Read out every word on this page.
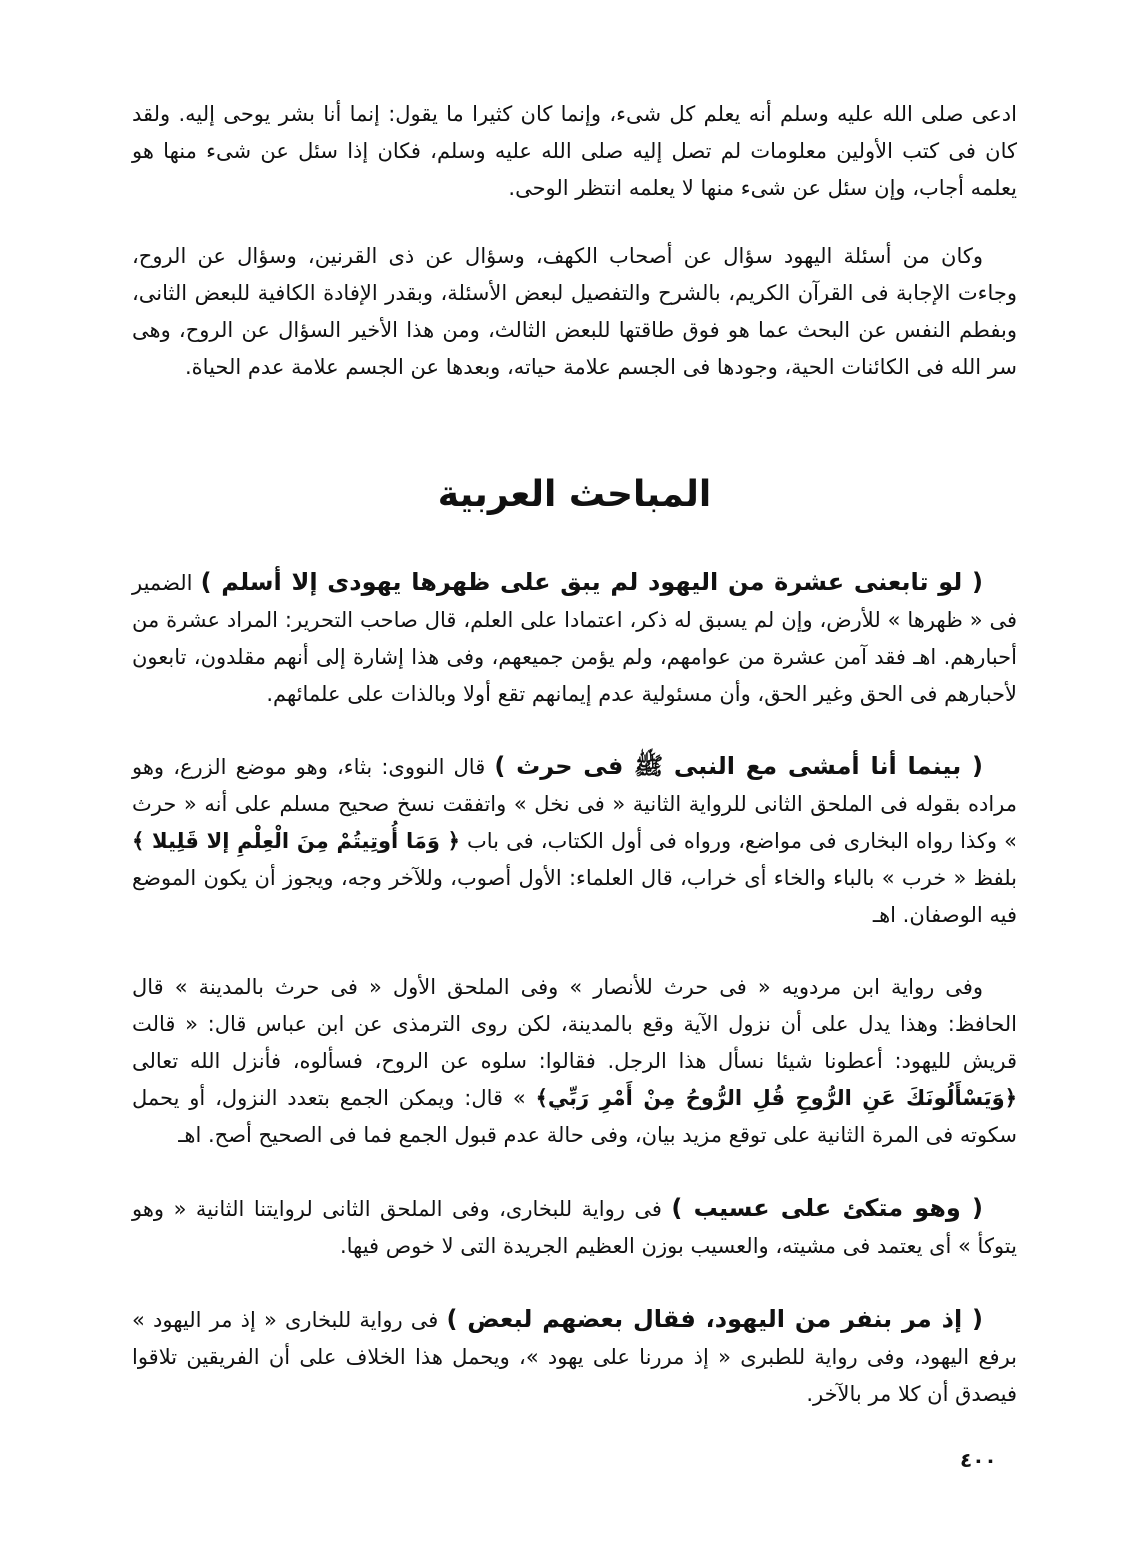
ادعى صلى الله عليه وسلم أنه يعلم كل شىء، وإنما كان كثيرا ما يقول: إنما أنا بشر يوحى إليه. ولقد كان فى كتب الأولين معلومات لم تصل إليه صلى الله عليه وسلم، فكان إذا سئل عن شىء منها هو يعلمه أجاب، وإن سئل عن شىء منها لا يعلمه انتظر الوحى.

وكان من أسئلة اليهود سؤال عن أصحاب الكهف، وسؤال عن ذى القرنين، وسؤال عن الروح، وجاءت الإجابة فى القرآن الكريم، بالشرح والتفصيل لبعض الأسئلة، وبقدر الإفادة الكافية للبعض الثانى، وبفطم النفس عن البحث عما هو فوق طاقتها للبعض الثالث، ومن هذا الأخير السؤال عن الروح، وهى سر الله فى الكائنات الحية، وجودها فى الجسم علامة حياته، وبعدها عن الجسم علامة عدم الحياة.

المباحث العربية

( لو تابعنى عشرة من اليهود لم يبق على ظهرها يهودى إلا أسلم ) الضمير فى « ظهرها » للأرض، وإن لم يسبق له ذكر، اعتمادا على العلم، قال صاحب التحرير: المراد عشرة من أحبارهم. اهـ فقد آمن عشرة من عوامهم، ولم يؤمن جميعهم، وفى هذا إشارة إلى أنهم مقلدون، تابعون لأحبارهم فى الحق وغير الحق، وأن مسئولية عدم إيمانهم تقع أولا وبالذات على علمائهم.

( بينما أنا أمشى مع النبى ﷺ فى حرث ) قال النووى: بثاء، وهو موضع الزرع، وهو مراده بقوله فى الملحق الثانى للرواية الثانية « فى نخل » واتفقت نسخ صحيح مسلم على أنه « حرث » وكذا رواه البخارى فى مواضع، ورواه فى أول الكتاب، فى باب ﴿ وَمَا أُوتِيتُمْ مِنَ الْعِلْمِ إلا قَلِيلا ﴾ بلفظ « خرب » بالباء والخاء أى خراب، قال العلماء: الأول أصوب، وللآخر وجه، ويجوز أن يكون الموضع فيه الوصفان. اهـ

وفى رواية ابن مردويه « فى حرث للأنصار » وفى الملحق الأول « فى حرث بالمدينة » قال الحافظ: وهذا يدل على أن نزول الآية وقع بالمدينة، لكن روى الترمذى عن ابن عباس قال: « قالت قريش لليهود: أعطونا شيئا نسأل هذا الرجل. فقالوا: سلوه عن الروح، فسألوه، فأنزل الله تعالى ﴿وَيَسْأَلُونَكَ عَنِ الرُّوحِ قُلِ الرُّوحُ مِنْ أَمْرِ رَبِّي﴾ » قال: ويمكن الجمع بتعدد النزول، أو يحمل سكوته فى المرة الثانية على توقع مزيد بيان، وفى حالة عدم قبول الجمع فما فى الصحيح أصح. اهـ

( وهو متكئ على عسيب ) فى رواية للبخارى، وفى الملحق الثانى لروايتنا الثانية « وهو يتوكأ » أى يعتمد فى مشيته، والعسيب بوزن العظيم الجريدة التى لا خوص فيها.

( إذ مر بنفر من اليهود، فقال بعضهم لبعض ) فى رواية للبخارى « إذ مر اليهود » برفع اليهود، وفى رواية للطبرى « إذ مررنا على يهود »، ويحمل هذا الخلاف على أن الفريقين تلاقوا فيصدق أن كلا مر بالآخر.

٤٠٠
